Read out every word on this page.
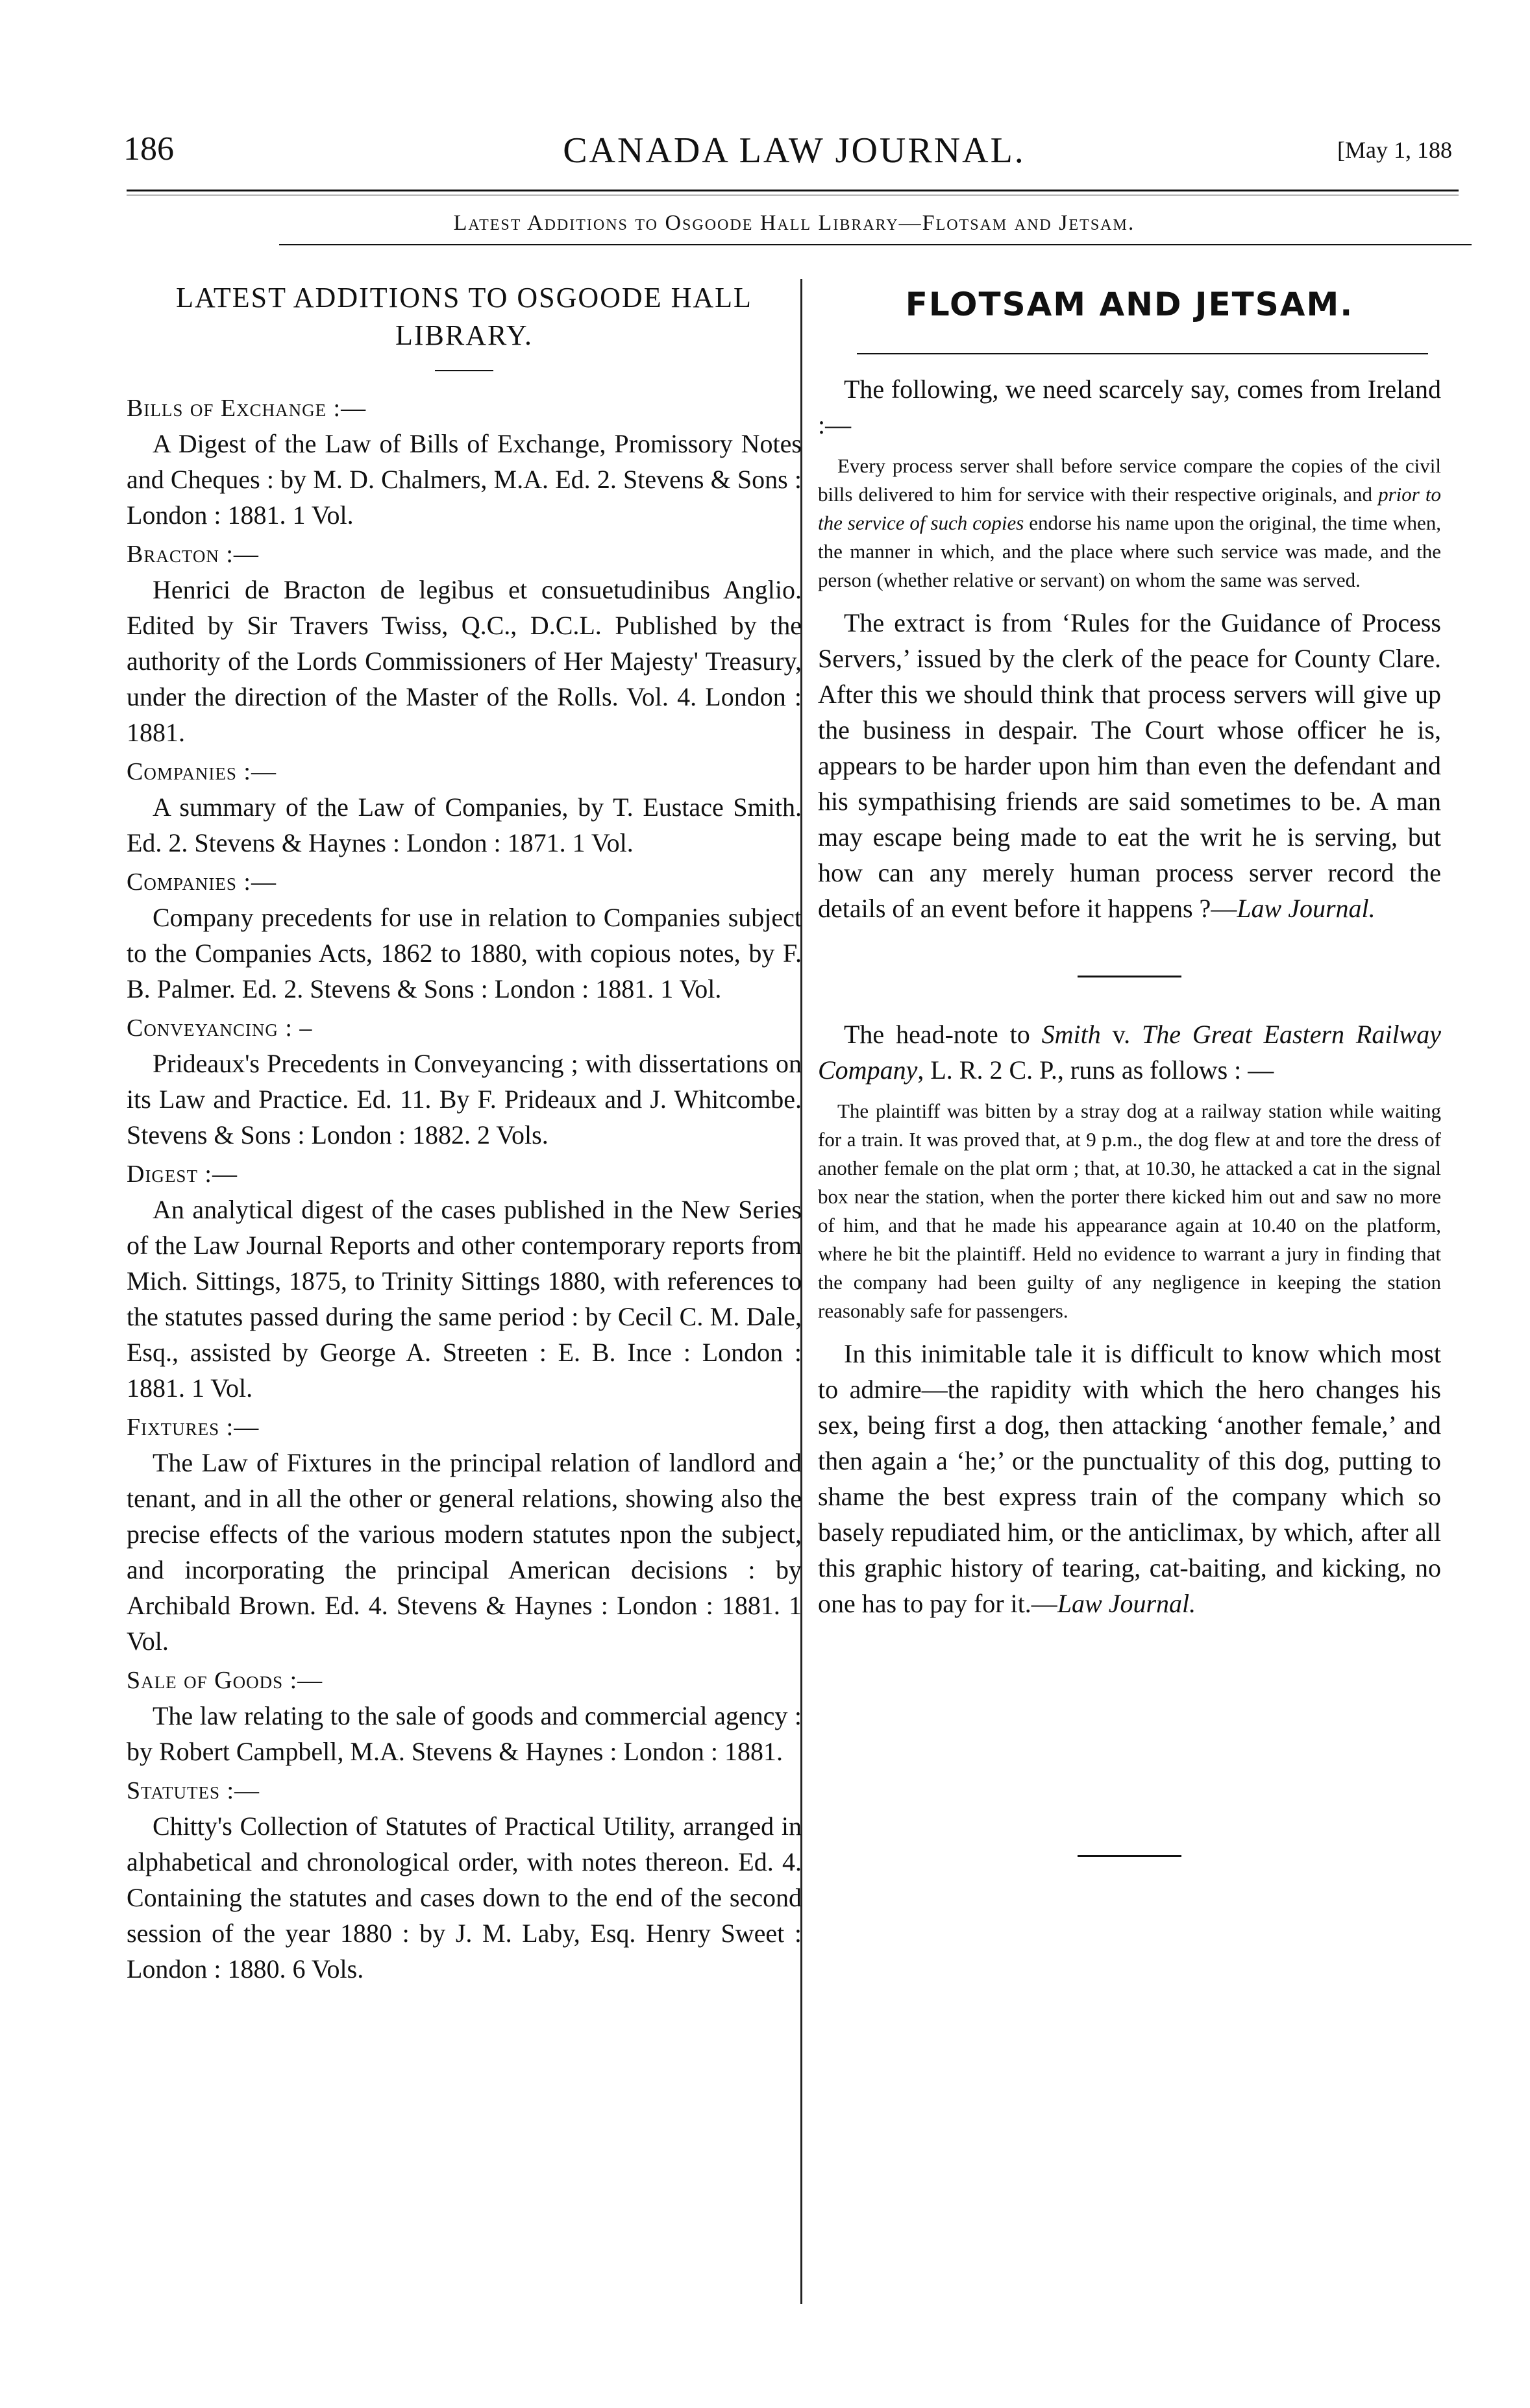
186	CANADA LAW JOURNAL.	[May 1, 188
Latest Additions to Osgoode Hall Library—Flotsam and Jetsam.
LATEST ADDITIONS TO OSGOODE HALL LIBRARY.
Bills of Exchange :—
A Digest of the Law of Bills of Exchange, Promissory Notes and Cheques : by M. D. Chalmers, M.A. Ed. 2. Stevens & Sons : London : 1881. 1 Vol.
Bracton :—
Henrici de Bracton de legibus et consuetudinibus Anglio. Edited by Sir Travers Twiss, Q.C., D.C.L. Published by the authority of the Lords Commissioners of Her Majesty' Treasury, under the direction of the Master of the Rolls. Vol. 4. London : 1881.
Companies :—
A summary of the Law of Companies, by T. Eustace Smith. Ed. 2. Stevens & Haynes : London : 1871. 1 Vol.
Companies :—
Company precedents for use in relation to Companies subject to the Companies Acts, 1862 to 1880, with copious notes, by F. B. Palmer. Ed. 2. Stevens & Sons : London : 1881. 1 Vol.
Conveyancing : –
Prideaux's Precedents in Conveyancing ; with dissertations on its Law and Practice. Ed. 11. By F. Prideaux and J. Whitcombe. Stevens & Sons : London : 1882. 2 Vols.
Digest :—
An analytical digest of the cases published in the New Series of the Law Journal Reports and other contemporary reports from Mich. Sittings, 1875, to Trinity Sittings 1880, with references to the statutes passed during the same period : by Cecil C. M. Dale, Esq., assisted by George A. Streeten : E. B. Ince : London : 1881. 1 Vol.
Fixtures :—
The Law of Fixtures in the principal relation of landlord and tenant, and in all the other or general relations, showing also the precise effects of the various modern statutes npon the subject, and incorporating the principal American decisions : by Archibald Brown. Ed. 4. Stevens & Haynes : London : 1881. 1 Vol.
Sale of Goods :—
The law relating to the sale of goods and commercial agency : by Robert Campbell, M.A. Stevens & Haynes : London : 1881.
Statutes :—
Chitty's Collection of Statutes of Practical Utility, arranged in alphabetical and chronological order, with notes thereon. Ed. 4. Containing the statutes and cases down to the end of the second session of the year 1880 : by J. M. Laby, Esq. Henry Sweet : London : 1880. 6 Vols.
FLOTSAM AND JETSAM.

The following, we need scarcely say, comes from Ireland :—

Every process server shall before service compare the copies of the civil bills delivered to him for service with their respective originals, and prior to the service of such copies endorse his name upon the original, the time when, the manner in which, and the place where such service was made, and the person (whether relative or servant) on whom the same was served.

The extract is from ‘Rules for the Guidance of Process Servers,’ issued by the clerk of the peace for County Clare. After this we should think that process servers will give up the business in despair. The Court whose officer he is, appears to be harder upon him than even the defendant and his sympathising friends are said sometimes to be. A man may escape being made to eat the writ he is serving, but how can any merely human process server record the details of an event before it happens ?—Law Journal.

The head-note to Smith v. The Great Eastern Railway Company, L. R. 2 C. P., runs as follows : —

The plaintiff was bitten by a stray dog at a railway station while waiting for a train. It was proved that, at 9 p.m., the dog flew at and tore the dress of another female on the plat orm ; that, at 10.30, he attacked a cat in the signal box near the station, when the porter there kicked him out and saw no more of him, and that he made his appearance again at 10.40 on the platform, where he bit the plaintiff. Held no evidence to warrant a jury in finding that the company had been guilty of any negligence in keeping the station reasonably safe for passengers.

In this inimitable tale it is difficult to know which most to admire—the rapidity with which the hero changes his sex, being first a dog, then attacking ‘another female,’ and then again a ‘he;’ or the punctuality of this dog, putting to shame the best express train of the company which so basely repudiated him, or the anticlimax, by which, after all this graphic history of tearing, cat-baiting, and kicking, no one has to pay for it.—Law Journal.
